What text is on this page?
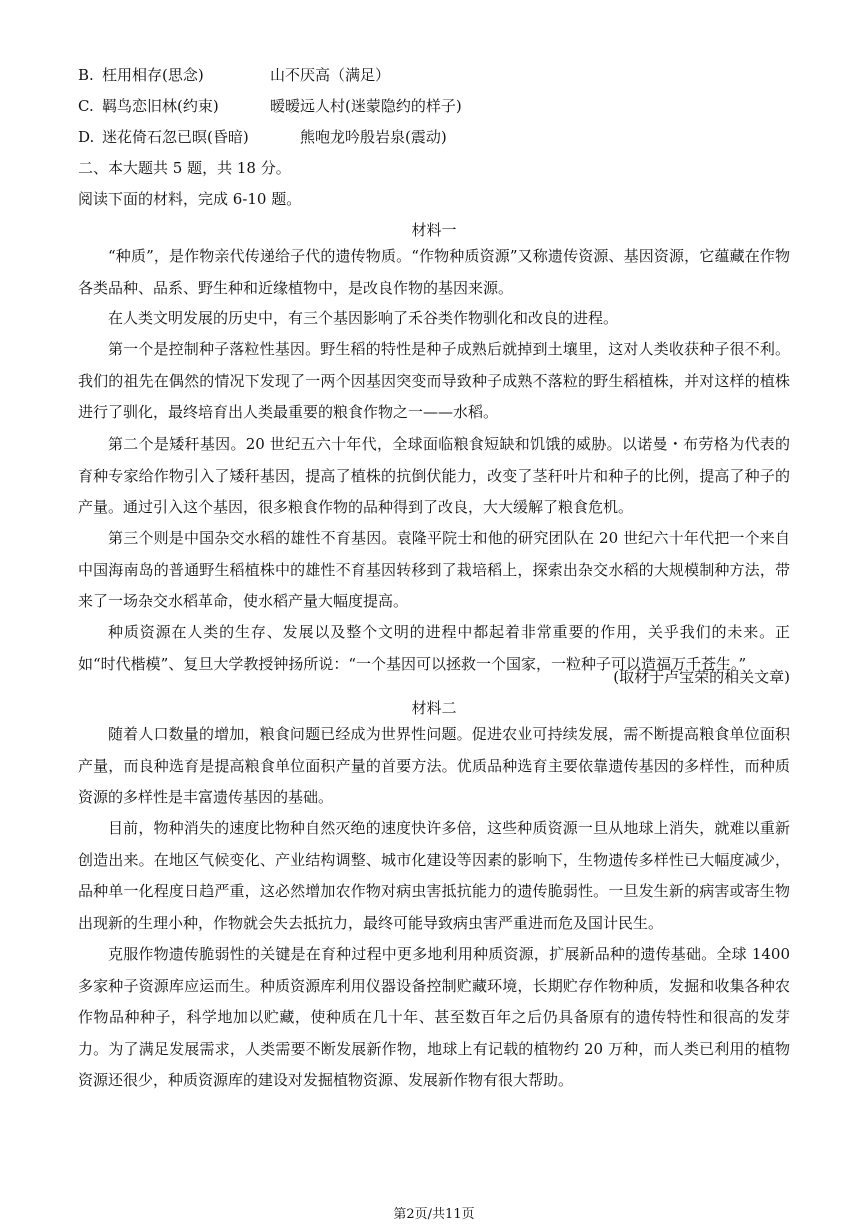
B. 枉用相存(思念)	山不厌高（满足）
C. 羁鸟恋旧林(约束)	暧暧远人村(迷蒙隐约的样子)
D. 迷花倚石忽已暝(昏暗)	熊咆龙吟殷岩泉(震动)
二、本大题共 5 题，共 18 分。
阅读下面的材料，完成 6-10 题。
材料一

“种质”，是作物亲代传递给子代的遗传物质。“作物种质资源”又称遗传资源、基因资源，它蕴藏在作物各类品种、品系、野生种和近缘植物中，是改良作物的基因来源。

在人类文明发展的历史中，有三个基因影响了禾谷类作物驯化和改良的进程。

第一个是控制种子落粒性基因。野生稻的特性是种子成熟后就掉到土壤里，这对人类收获种子很不利。我们的祖先在偶然的情况下发现了一两个因基因突变而导致种子成熟不落粒的野生稻植株，并对这样的植株进行了驯化，最终培育出人类最重要的粮食作物之一——水稻。

第二个是矮秆基因。20 世纪五六十年代，全球面临粮食短缺和饥饿的威胁。以诺曼・布劳格为代表的育种专家给作物引入了矮秆基因，提高了植株的抗倒伏能力，改变了茎秆叶片和种子的比例，提高了种子的产量。通过引入这个基因，很多粮食作物的品种得到了改良，大大缓解了粮食危机。

第三个则是中国杂交水稻的雄性不育基因。袁隆平院士和他的研究团队在 20 世纪六十年代把一个来自中国海南岛的普通野生稻植株中的雄性不育基因转移到了栽培稻上，探索出杂交水稻的大规模制种方法，带来了一场杂交水稻革命，使水稻产量大幅度提高。

种质资源在人类的生存、发展以及整个文明的进程中都起着非常重要的作用，关乎我们的未来。正如“时代楷模”、复旦大学教授钟扬所说：“一个基因可以拯救一个国家，一粒种子可以造福万千苍生。”

(取材于卢宝荣的相关文章)
材料二

随着人口数量的增加，粮食问题已经成为世界性问题。促进农业可持续发展，需不断提高粮食单位面积产量，而良种选育是提高粮食单位面积产量的首要方法。优质品种选育主要依靠遗传基因的多样性，而种质资源的多样性是丰富遗传基因的基础。

目前，物种消失的速度比物种自然灭绝的速度快许多倍，这些种质资源一旦从地球上消失，就难以重新创造出来。在地区气候变化、产业结构调整、城市化建设等因素的影响下，生物遗传多样性已大幅度减少，品种单一化程度日趋严重，这必然增加农作物对病虫害抵抗能力的遗传脆弱性。一旦发生新的病害或寄生物出现新的生理小种，作物就会失去抵抗力，最终可能导致病虫害严重进而危及国计民生。

克服作物遗传脆弱性的关键是在育种过程中更多地利用种质资源，扩展新品种的遗传基础。全球 1400 多家种子资源库应运而生。种质资源库利用仪器设备控制贮藏环境，长期贮存作物种质，发掘和收集各种农作物品种种子，科学地加以贮藏，使种质在几十年、甚至数百年之后仍具备原有的遗传特性和很高的发芽力。为了满足发展需求，人类需要不断发展新作物，地球上有记载的植物约 20 万种，而人类已利用的植物资源还很少，种质资源库的建设对发掘植物资源、发展新作物有很大帮助。

第2页/共11页
